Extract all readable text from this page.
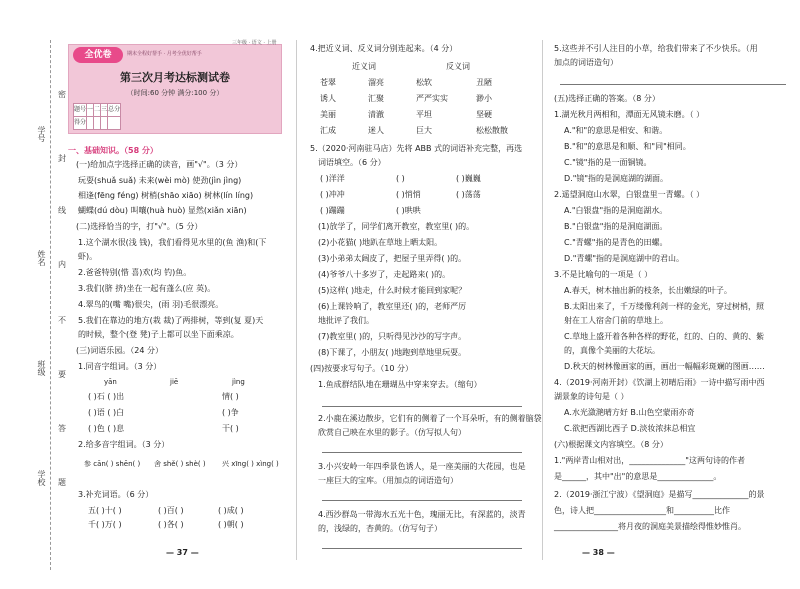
密
封
线
内
不
要
答
题
学号
姓名
班级
学校
全优卷	期末全程好帮手 · 月考全优好帮手
第三次月考达标测试卷
（时间:60 分钟 满分:100 分）
题号	一	二	三	总分
得分				
三年级 · 语文 · 上册
一、基础知识。（58 分）
(一)给加点字选择正确的读音，画"√"。（3 分）
玩耍(shuǎ suǎ) 未来(wèi mò) 使劲(jìn jìng)
相逢(fēng féng) 树梢(shāo xiāo) 树林(lín líng)
蝴蝶(dú dòu) 叫嚷(huà huò) 显然(xiǎn xiān)
(二)选择恰当的字，打"√"。（5 分）
1.这个湖水很(浅 钱)，我们看得见水里的(鱼 渔)和(下
虾)。
2.爸爸特别(惜 喜)欢(均 钓)鱼。
3.我们(脐 挤)坐在一起有蓬么(应 英)。
4.翠鸟的(嘴 嘴)很尖，(雨 羽)毛很漂亮。
5.我们在靠边的地方(栽 裁)了两排树，等到(复 夏)天
的时候，整个(登 凳)子上都可以坐下面乘凉。
(三)词语乐园。（24 分）
1.同音字组词。（3 分）
yān	jiē	jìng
( )石 ( )出	情( )
( )语 ( )白	( )争
( )色 ( )息	干( )
2.给多音字组词。（3 分）
参 cān( ) shēn( ) 舍 shě( ) shè( ) 兴 xīng( ) xìng( )
3.补充词语。（6 分）
五( )十( )	( )百( )	( )成( )
千( )万( )	( )各( )	( )朝( )
— 37 —
4.把近义词、反义词分别连起来。（4 分）
近义词	反义词
苍翠	溜亮	松软	丑陋
诱人	汇聚	严严实实	渺小
美丽	清澈	平坦	坚硬
汇成	迷人	巨大	松松散散
5.（2020·河南驻马店）先将 ABB 式的词语补充完整，再选
词语填空。（6 分）
( )洋洋	( )	( )巍巍
( )冲冲	( )悄悄	( )荡荡
( )蹦蹦	( )哄哄
(1)放学了，同学们离开教室，教室里( )的。
(2)小花猫( )地趴在草地上晒太阳。
(3)小弟弟太阔皮了，把屋子里弄得( )的。
(4)爷爷八十多岁了，走起路来( )的。
(5)这样( )地走，什么时候才能回到家呢？
(6)上课铃响了，教室里还( )的，老师严厉
地批评了我们。
(7)教室里( )的，只听得见沙沙的写字声。
(8)下课了，小朋友( )地跑到草地里玩耍。
(四)按要求写句子。（10 分）
1.鱼成群结队地在珊瑚丛中穿来穿去。（缩句）
2.小鹿在溪边散步，它们有的侧着了一个耳朵听，有的侧着脑袋
欣赏自己映在水里的影子。（仿写拟人句）
3.小兴安岭一年四季景色诱人，是一座美丽的大花园，也是
一座巨大的宝库。（用加点的词语造句）
4.西沙群岛一带海水五光十色，瑰丽无比，有深蓝的，淡青
的，浅绿的，杏黄的。（仿写句子）
5.这些并不引人注目的小草，给我们带来了不少快乐。（用
加点的词语造句）
(五)选择正确的答案。（8 分）
1.湖光秋月两相和，潭面无风镜未磨。（ ）
A."和"的意思是相安、和谐。
B."和"的意思是和顺、和"同"相同。
C."镜"指的是一面铜镜。
D."镜"指的是洞庭湖的湖面。
2.遥望洞庭山水翠，白银盘里一青螺。（ ）
A."白银盘"指的是洞庭湖水。
B."白银盘"指的是洞庭湖面。
C."青螺"指的是青色的田螺。
D."青螺"指的是洞庭湖中的君山。
3.不是比喻句的一项是（ ）
A.春天，树木抽出新的枝条，长出嫩绿的叶子。
B.太阳出来了，千万缕像利剑一样的金光，穿过树梢，照
射在工人宿舍门前的草地上。
C.草地上盛开着各种各样的野花，红的、白的、黄的、紫
的，真像个美丽的大花坛。
D.秋天的树林像画家的画，画出一幅幅彩斑斓的图画……
4.（2019·河南开封）《饮湖上初晴后雨》一诗中描写雨中西
湖景象的诗句是（ ）
A.水光潋滟晴方好 B.山色空蒙雨亦奇
C.欲把西湖比西子 D.淡妆浓抹总相宜
(六)根据课文内容填空。（8 分）
1."两岸青山相对出，______________"这两句诗的作者
是______，其中"出"的意思是______________。
2.（2019·浙江宁波）《望洞庭》是描写______________的景
色，诗人把__________________和__________比作
________________将月夜的洞庭美景描绘得惟妙惟肖。
— 38 —
